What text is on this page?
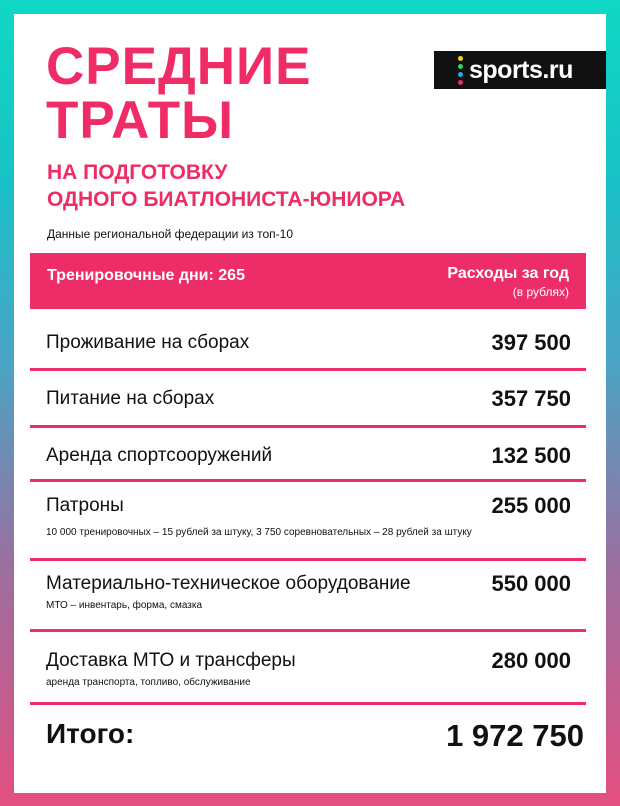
СРЕДНИЕ
ТРАТЫ
НА ПОДГОТОВКУ
ОДНОГО БИАТЛОНИСТА-ЮНИОРА
Данные региональной федерации из топ-10
sports.ru
Тренировочные дни: 265	Расходы за год
(в рублях)
Проживание на сборах	397 500
Питание на сборах	357 750
Аренда спортсооружений	132 500
Патроны	255 000
10 000 тренировочных – 15 рублей за штуку, 3 750 соревновательных – 28 рублей за штуку
Материально-техническое оборудование	550 000
МТО – инвентарь, форма, смазка
Доставка МТО и трансферы	280 000
аренда транспорта, топливо, обслуживание
Итого:	1 972 750
